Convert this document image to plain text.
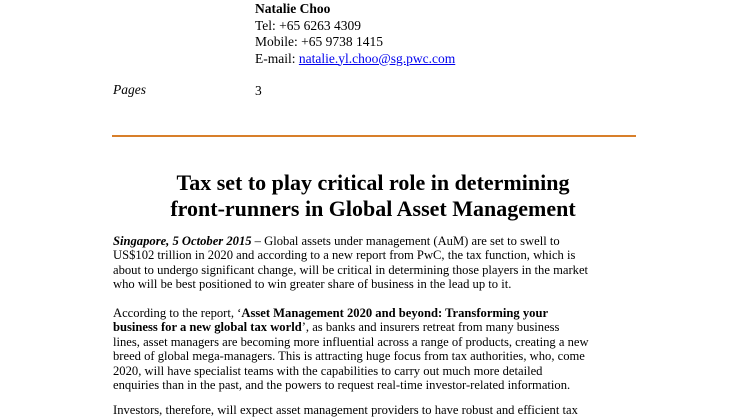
Natalie Choo
Tel: +65 6263 4309
Mobile: +65 9738 1415
E-mail: natalie.yl.choo@sg.pwc.com
Pages	3
Tax set to play critical role in determining
front-runners in Global Asset Management

Singapore, 5 October 2015 – Global assets under management (AuM) are set to swell to
US$102 trillion in 2020 and according to a new report from PwC, the tax function, which is
about to undergo significant change, will be critical in determining those players in the market
who will be best positioned to win greater share of business in the lead up to it.

According to the report, ‘Asset Management 2020 and beyond: Transforming your
business for a new global tax world’, as banks and insurers retreat from many business
lines, asset managers are becoming more influential across a range of products, creating a new
breed of global mega-managers. This is attracting huge focus from tax authorities, who, come
2020, will have specialist teams with the capabilities to carry out much more detailed
enquiries than in the past, and the powers to request real-time investor-related information.

Investors, therefore, will expect asset management providers to have robust and efficient tax
